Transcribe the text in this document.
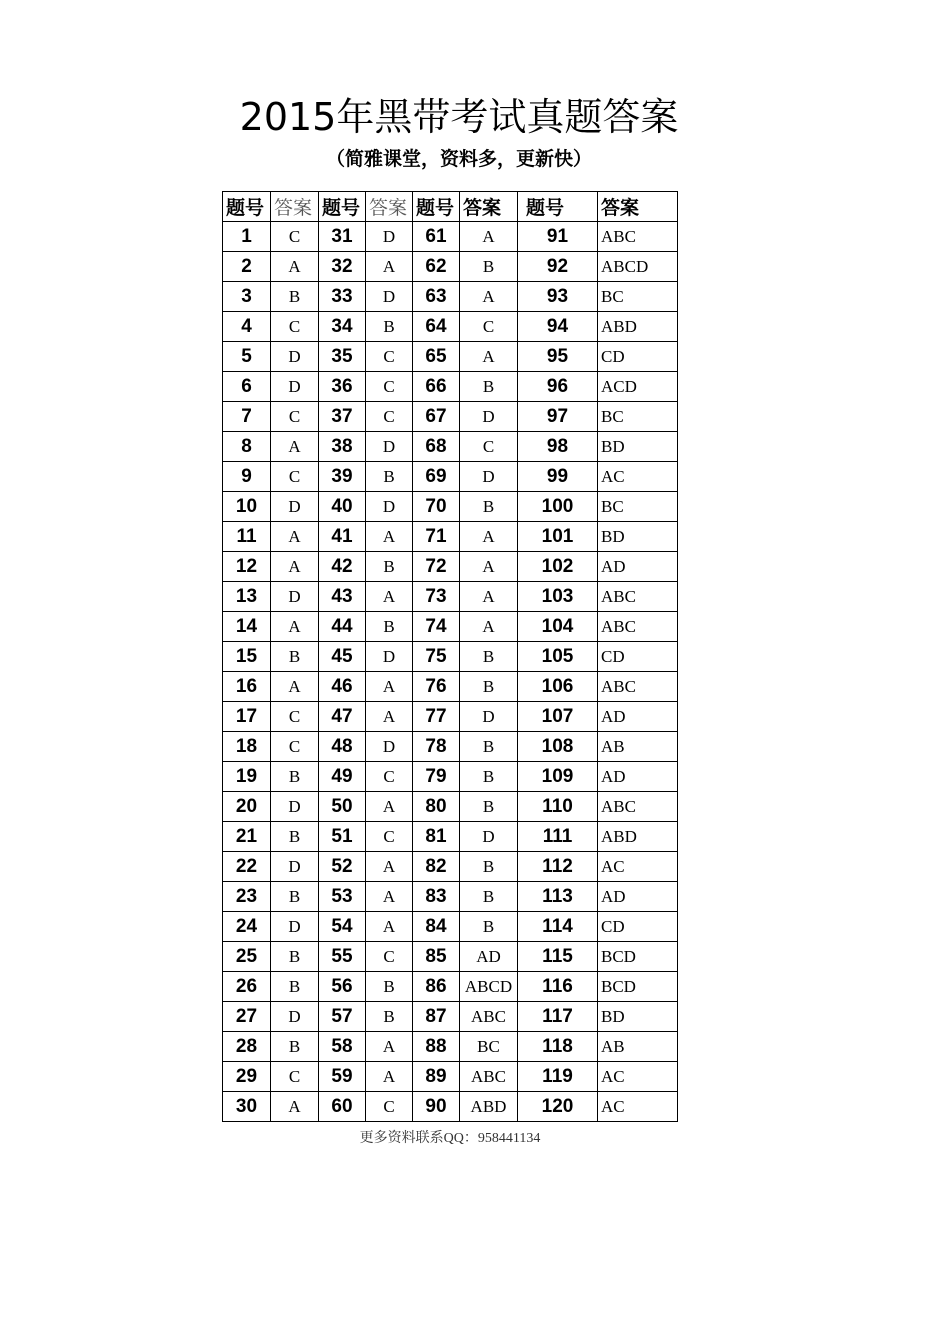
2015年黑带考试真题答案
（简雅课堂，资料多，更新快）
题号	答案	题号	答案	题号	答案	题号	答案
1	C	31	D	61	A	91	ABC
2	A	32	A	62	B	92	ABCD
3	B	33	D	63	A	93	BC
4	C	34	B	64	C	94	ABD
5	D	35	C	65	A	95	CD
6	D	36	C	66	B	96	ACD
7	C	37	C	67	D	97	BC
8	A	38	D	68	C	98	BD
9	C	39	B	69	D	99	AC
10	D	40	D	70	B	100	BC
11	A	41	A	71	A	101	BD
12	A	42	B	72	A	102	AD
13	D	43	A	73	A	103	ABC
14	A	44	B	74	A	104	ABC
15	B	45	D	75	B	105	CD
16	A	46	A	76	B	106	ABC
17	C	47	A	77	D	107	AD
18	C	48	D	78	B	108	AB
19	B	49	C	79	B	109	AD
20	D	50	A	80	B	110	ABC
21	B	51	C	81	D	111	ABD
22	D	52	A	82	B	112	AC
23	B	53	A	83	B	113	AD
24	D	54	A	84	B	114	CD
25	B	55	C	85	AD	115	BCD
26	B	56	B	86	ABCD	116	BCD
27	D	57	B	87	ABC	117	BD
28	B	58	A	88	BC	118	AB
29	C	59	A	89	ABC	119	AC
30	A	60	C	90	ABD	120	AC
更多资料联系QQ：958441134
